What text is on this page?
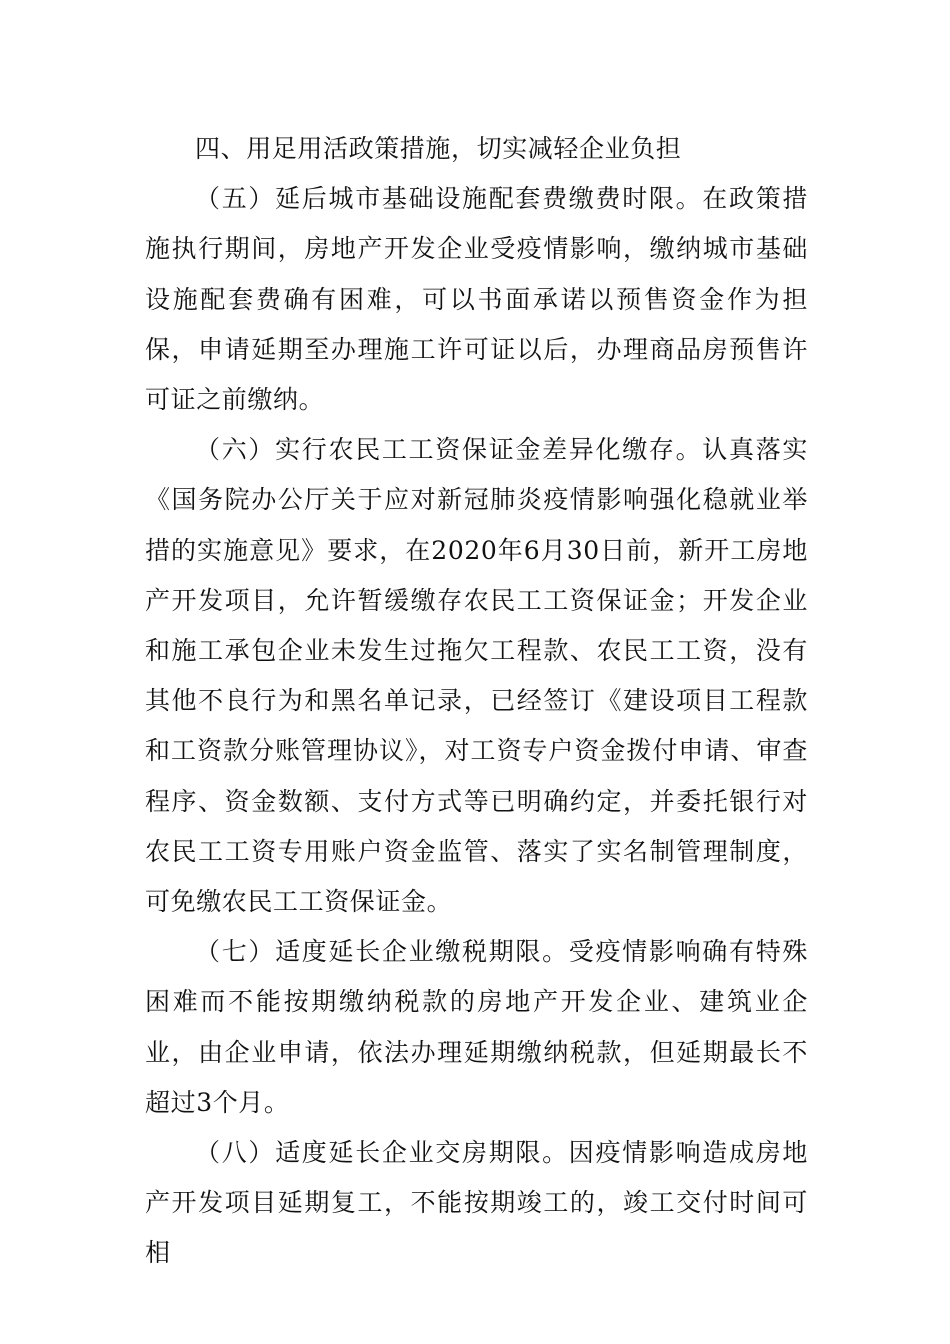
四、用足用活政策措施，切实减轻企业负担

（五）延后城市基础设施配套费缴费时限。在政策措施执行期间，房地产开发企业受疫情影响，缴纳城市基础设施配套费确有困难，可以书面承诺以预售资金作为担保，申请延期至办理施工许可证以后，办理商品房预售许可证之前缴纳。

（六）实行农民工工资保证金差异化缴存。认真落实《国务院办公厅关于应对新冠肺炎疫情影响强化稳就业举措的实施意见》要求，在2020年6月30日前，新开工房地产开发项目，允许暂缓缴存农民工工资保证金；开发企业和施工承包企业未发生过拖欠工程款、农民工工资，没有其他不良行为和黑名单记录，已经签订《建设项目工程款和工资款分账管理协议》，对工资专户资金拨付申请、审查程序、资金数额、支付方式等已明确约定，并委托银行对农民工工资专用账户资金监管、落实了实名制管理制度，可免缴农民工工资保证金。

（七）适度延长企业缴税期限。受疫情影响确有特殊困难而不能按期缴纳税款的房地产开发企业、建筑业企业，由企业申请，依法办理延期缴纳税款，但延期最长不超过3个月。

（八）适度延长企业交房期限。因疫情影响造成房地产开发项目延期复工，不能按期竣工的，竣工交付时间可相
